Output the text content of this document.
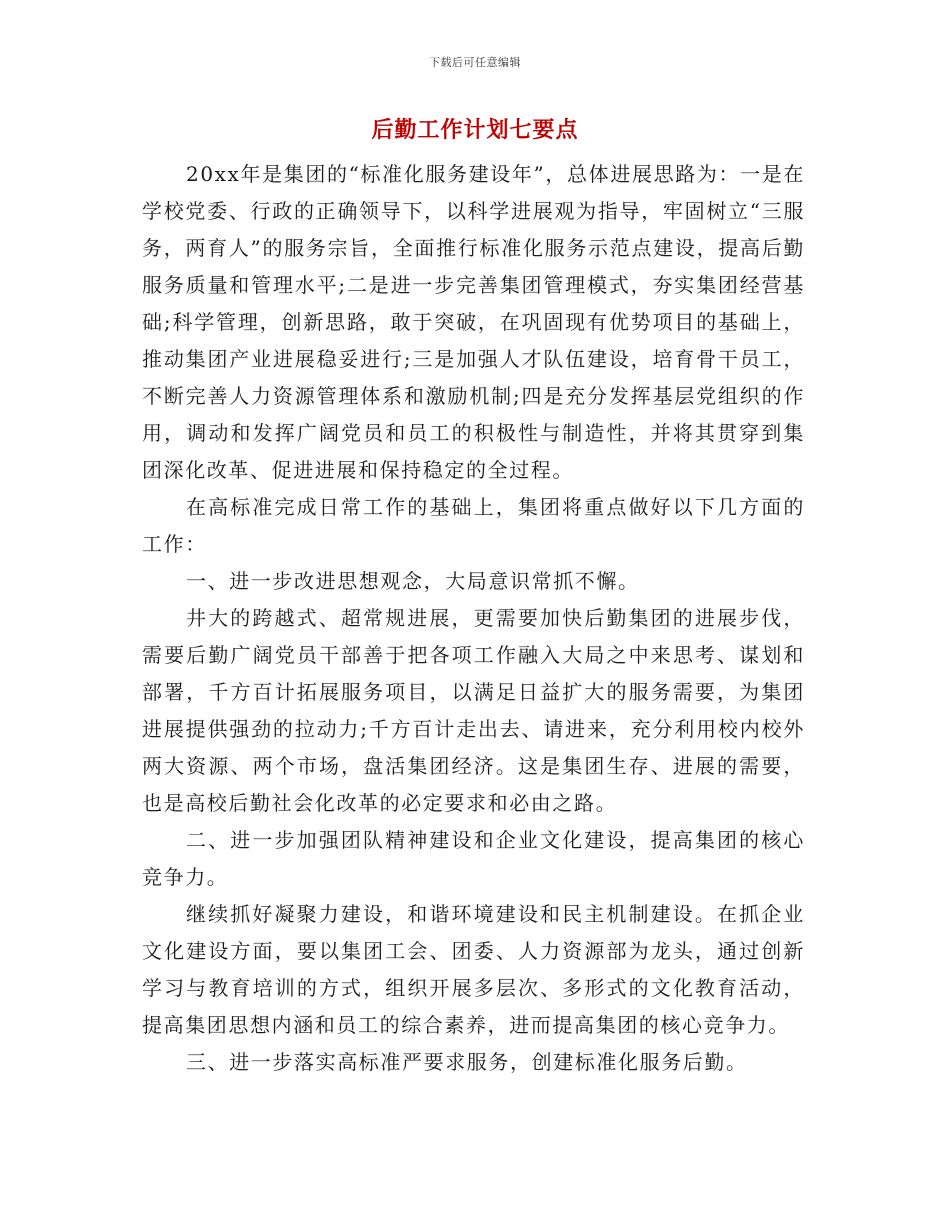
下载后可任意编辑
后勤工作计划七要点

20xx年是集团的“标准化服务建设年”，总体进展思路为：一是在学校党委、行政的正确领导下，以科学进展观为指导，牢固树立“三服务，两育人”的服务宗旨，全面推行标准化服务示范点建设，提高后勤服务质量和管理水平;二是进一步完善集团管理模式，夯实集团经营基础;科学管理，创新思路，敢于突破，在巩固现有优势项目的基础上，推动集团产业进展稳妥进行;三是加强人才队伍建设，培育骨干员工，不断完善人力资源管理体系和激励机制;四是充分发挥基层党组织的作用，调动和发挥广阔党员和员工的积极性与制造性，并将其贯穿到集团深化改革、促进进展和保持稳定的全过程。

在高标准完成日常工作的基础上，集团将重点做好以下几方面的工作：

一、进一步改进思想观念，大局意识常抓不懈。

井大的跨越式、超常规进展，更需要加快后勤集团的进展步伐，需要后勤广阔党员干部善于把各项工作融入大局之中来思考、谋划和部署，千方百计拓展服务项目，以满足日益扩大的服务需要，为集团进展提供强劲的拉动力;千方百计走出去、请进来，充分利用校内校外两大资源、两个市场，盘活集团经济。这是集团生存、进展的需要，也是高校后勤社会化改革的必定要求和必由之路。

二、进一步加强团队精神建设和企业文化建设，提高集团的核心竞争力。

继续抓好凝聚力建设，和谐环境建设和民主机制建设。在抓企业文化建设方面，要以集团工会、团委、人力资源部为龙头，通过创新学习与教育培训的方式，组织开展多层次、多形式的文化教育活动，提高集团思想内涵和员工的综合素养，进而提高集团的核心竞争力。

三、进一步落实高标准严要求服务，创建标准化服务后勤。
